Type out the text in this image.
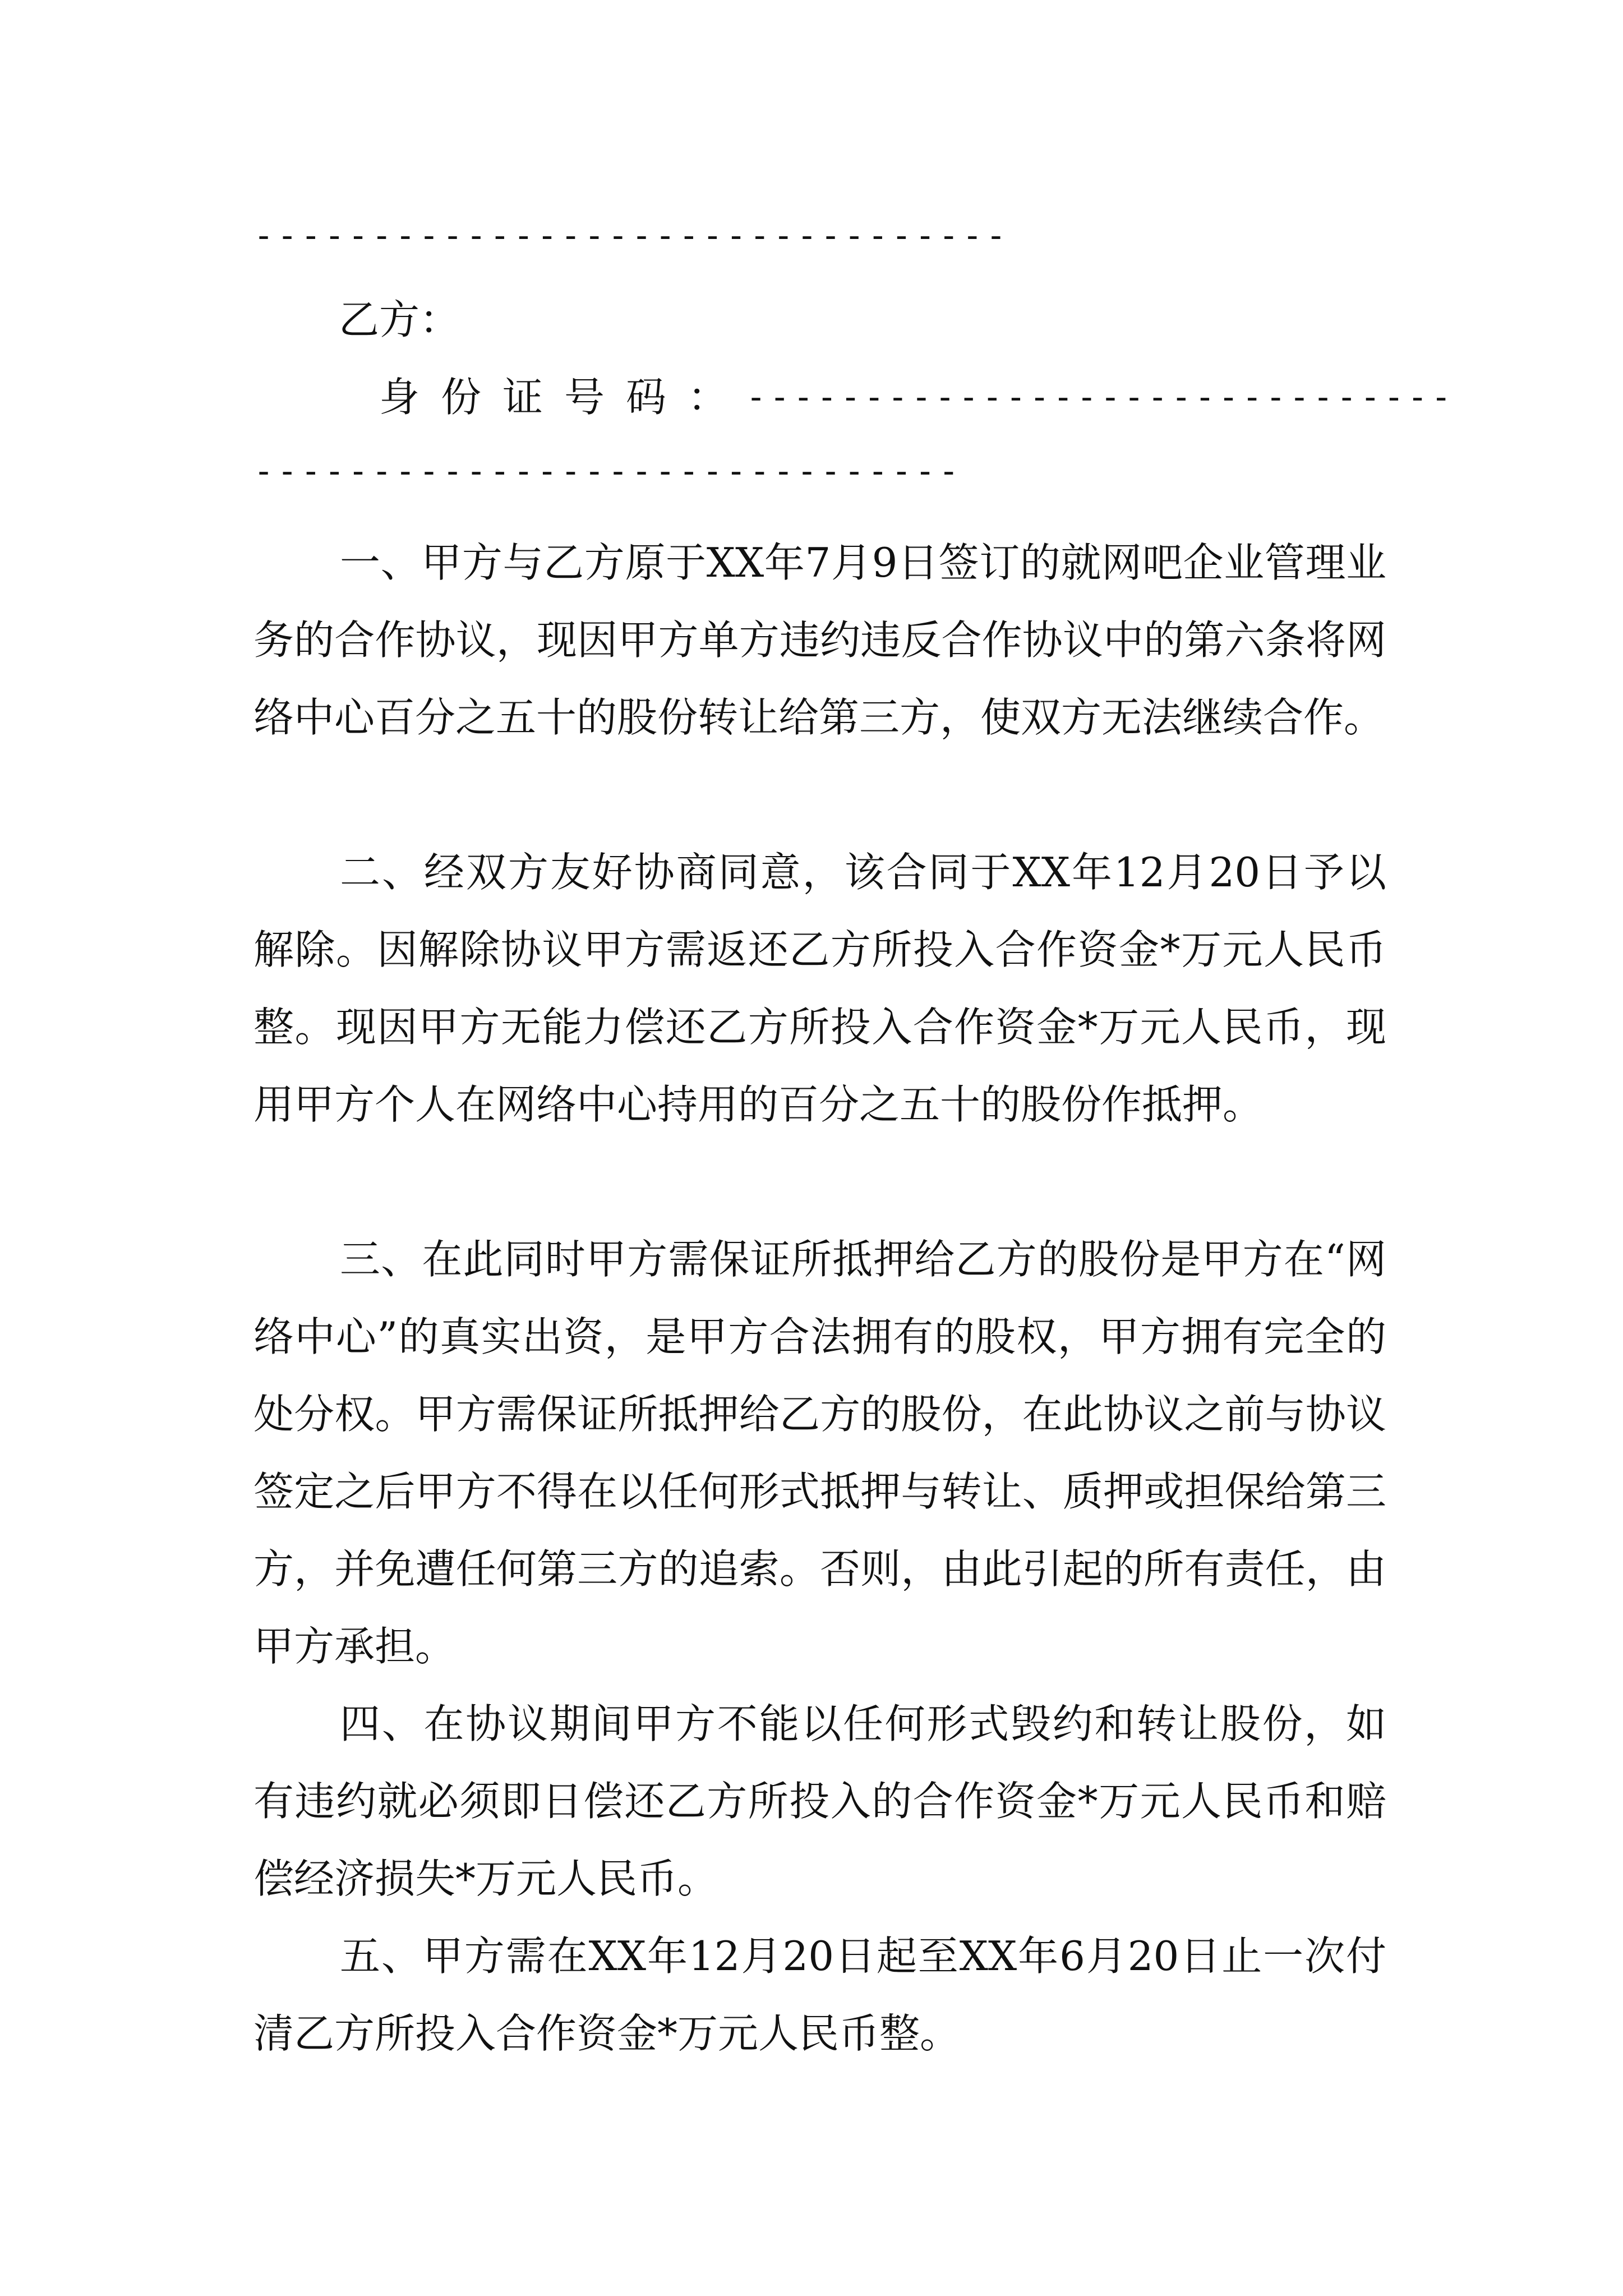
--------------------------------
乙方：
身份证号码：
------------------------------
------------------------------

一、甲方与乙方原于XX年7月9日签订的就网吧企业管理业务的合作协议，现因甲方单方违约违反合作协议中的第六条将网络中心百分之五十的股份转让给第三方，使双方无法继续合作。

二、经双方友好协商同意，该合同于XX年12月20日予以解除。因解除协议甲方需返还乙方所投入合作资金*万元人民币整。现因甲方无能力偿还乙方所投入合作资金*万元人民币，现用甲方个人在网络中心持用的百分之五十的股份作抵押。

三、在此同时甲方需保证所抵押给乙方的股份是甲方在“网络中心”的真实出资，是甲方合法拥有的股权，甲方拥有完全的处分权。甲方需保证所抵押给乙方的股份，在此协议之前与协议签定之后甲方不得在以任何形式抵押与转让、质押或担保给第三方，并免遭任何第三方的追索。否则，由此引起的所有责任，由甲方承担。

四、在协议期间甲方不能以任何形式毁约和转让股份，如有违约就必须即日偿还乙方所投入的合作资金*万元人民币和赔偿经济损失*万元人民币。

五、甲方需在XX年12月20日起至XX年6月20日止一次付清乙方所投入合作资金*万元人民币整。
